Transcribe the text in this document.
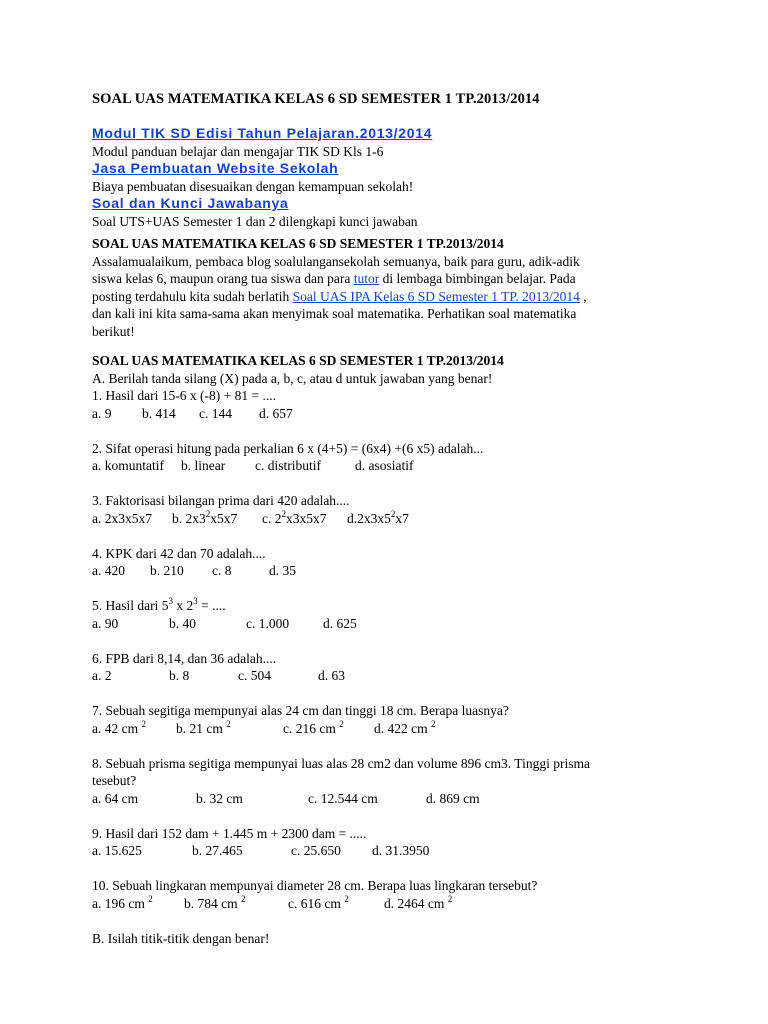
SOAL UAS MATEMATIKA KELAS 6 SD SEMESTER 1 TP.2013/2014
Modul TIK SD Edisi Tahun Pelajaran.2013/2014
Modul panduan belajar dan mengajar TIK SD Kls 1-6
Jasa Pembuatan Website Sekolah
Biaya pembuatan disesuaikan dengan kemampuan sekolah!
Soal dan Kunci Jawabanya
Soal UTS+UAS Semester 1 dan 2 dilengkapi kunci jawaban
SOAL UAS MATEMATIKA KELAS 6 SD SEMESTER 1 TP.2013/2014
Assalamualaikum, pembaca blog soalulangansekolah semuanya, baik para guru, adik-adik
siswa kelas 6, maupun orang tua siswa dan para tutor di lembaga bimbingan belajar. Pada
posting terdahulu kita sudah berlatih Soal UAS IPA Kelas 6 SD Semester 1 TP. 2013/2014 ,
dan kali ini kita sama-sama akan menyimak soal matematika. Perhatikan soal matematika
berikut!
SOAL UAS MATEMATIKA KELAS 6 SD SEMESTER 1 TP.2013/2014
A. Berilah tanda silang (X) pada a, b, c, atau d untuk jawaban yang benar!
1. Hasil dari 15-6 x (-8) + 81 = ....
a. 9 b. 414 c. 144 d. 657

2. Sifat operasi hitung pada perkalian 6 x (4+5) = (6x4) +(6 x5) adalah...
a. komuntatif b. linear c. distributif	d. asosiatif

3. Faktorisasi bilangan prima dari 420 adalah....
a. 2x3x5x7 b. $2x3^2x5x7$ c. $2^2x3x5x7$ $d.2x3x5^2x7$

4. KPK dari 42 dan 70 adalah....
a. 420 b. 210 c. 8	d. 35

5. Hasil dari $5^3$ x $2^3$ = ....
a. 90	b. 40	c. 1.000	d. 625

6. FPB dari 8,14, dan 36 adalah....
a. 2	b. 8	c. 504	d. 63

7. Sebuah segitiga mempunyai alas 24 cm dan tinggi 18 cm. Berapa luasnya?
a. 42 cm $^2$ b. 21 cm $^2$	c. 216 cm $^2$ d. 422 cm $^2$

8. Sebuah prisma segitiga mempunyai luas alas 28 cm2 dan volume 896 cm3. Tinggi prisma
tesebut?
a. 64 cm	b. 32 cm	c. 12.544 cm	d. 869 cm

9. Hasil dari 152 dam + 1.445 m + 2300 dam = .....
a. 15.625	b. 27.465	c. 25.650 d. 31.3950

10. Sebuah lingkaran mempunyai diameter 28 cm. Berapa luas lingkaran tersebut?
a. 196 cm $^2$ b. 784 cm $^2$	c. 616 cm $^2$	d. 2464 cm $^2$

B. Isilah titik-titik dengan benar!
